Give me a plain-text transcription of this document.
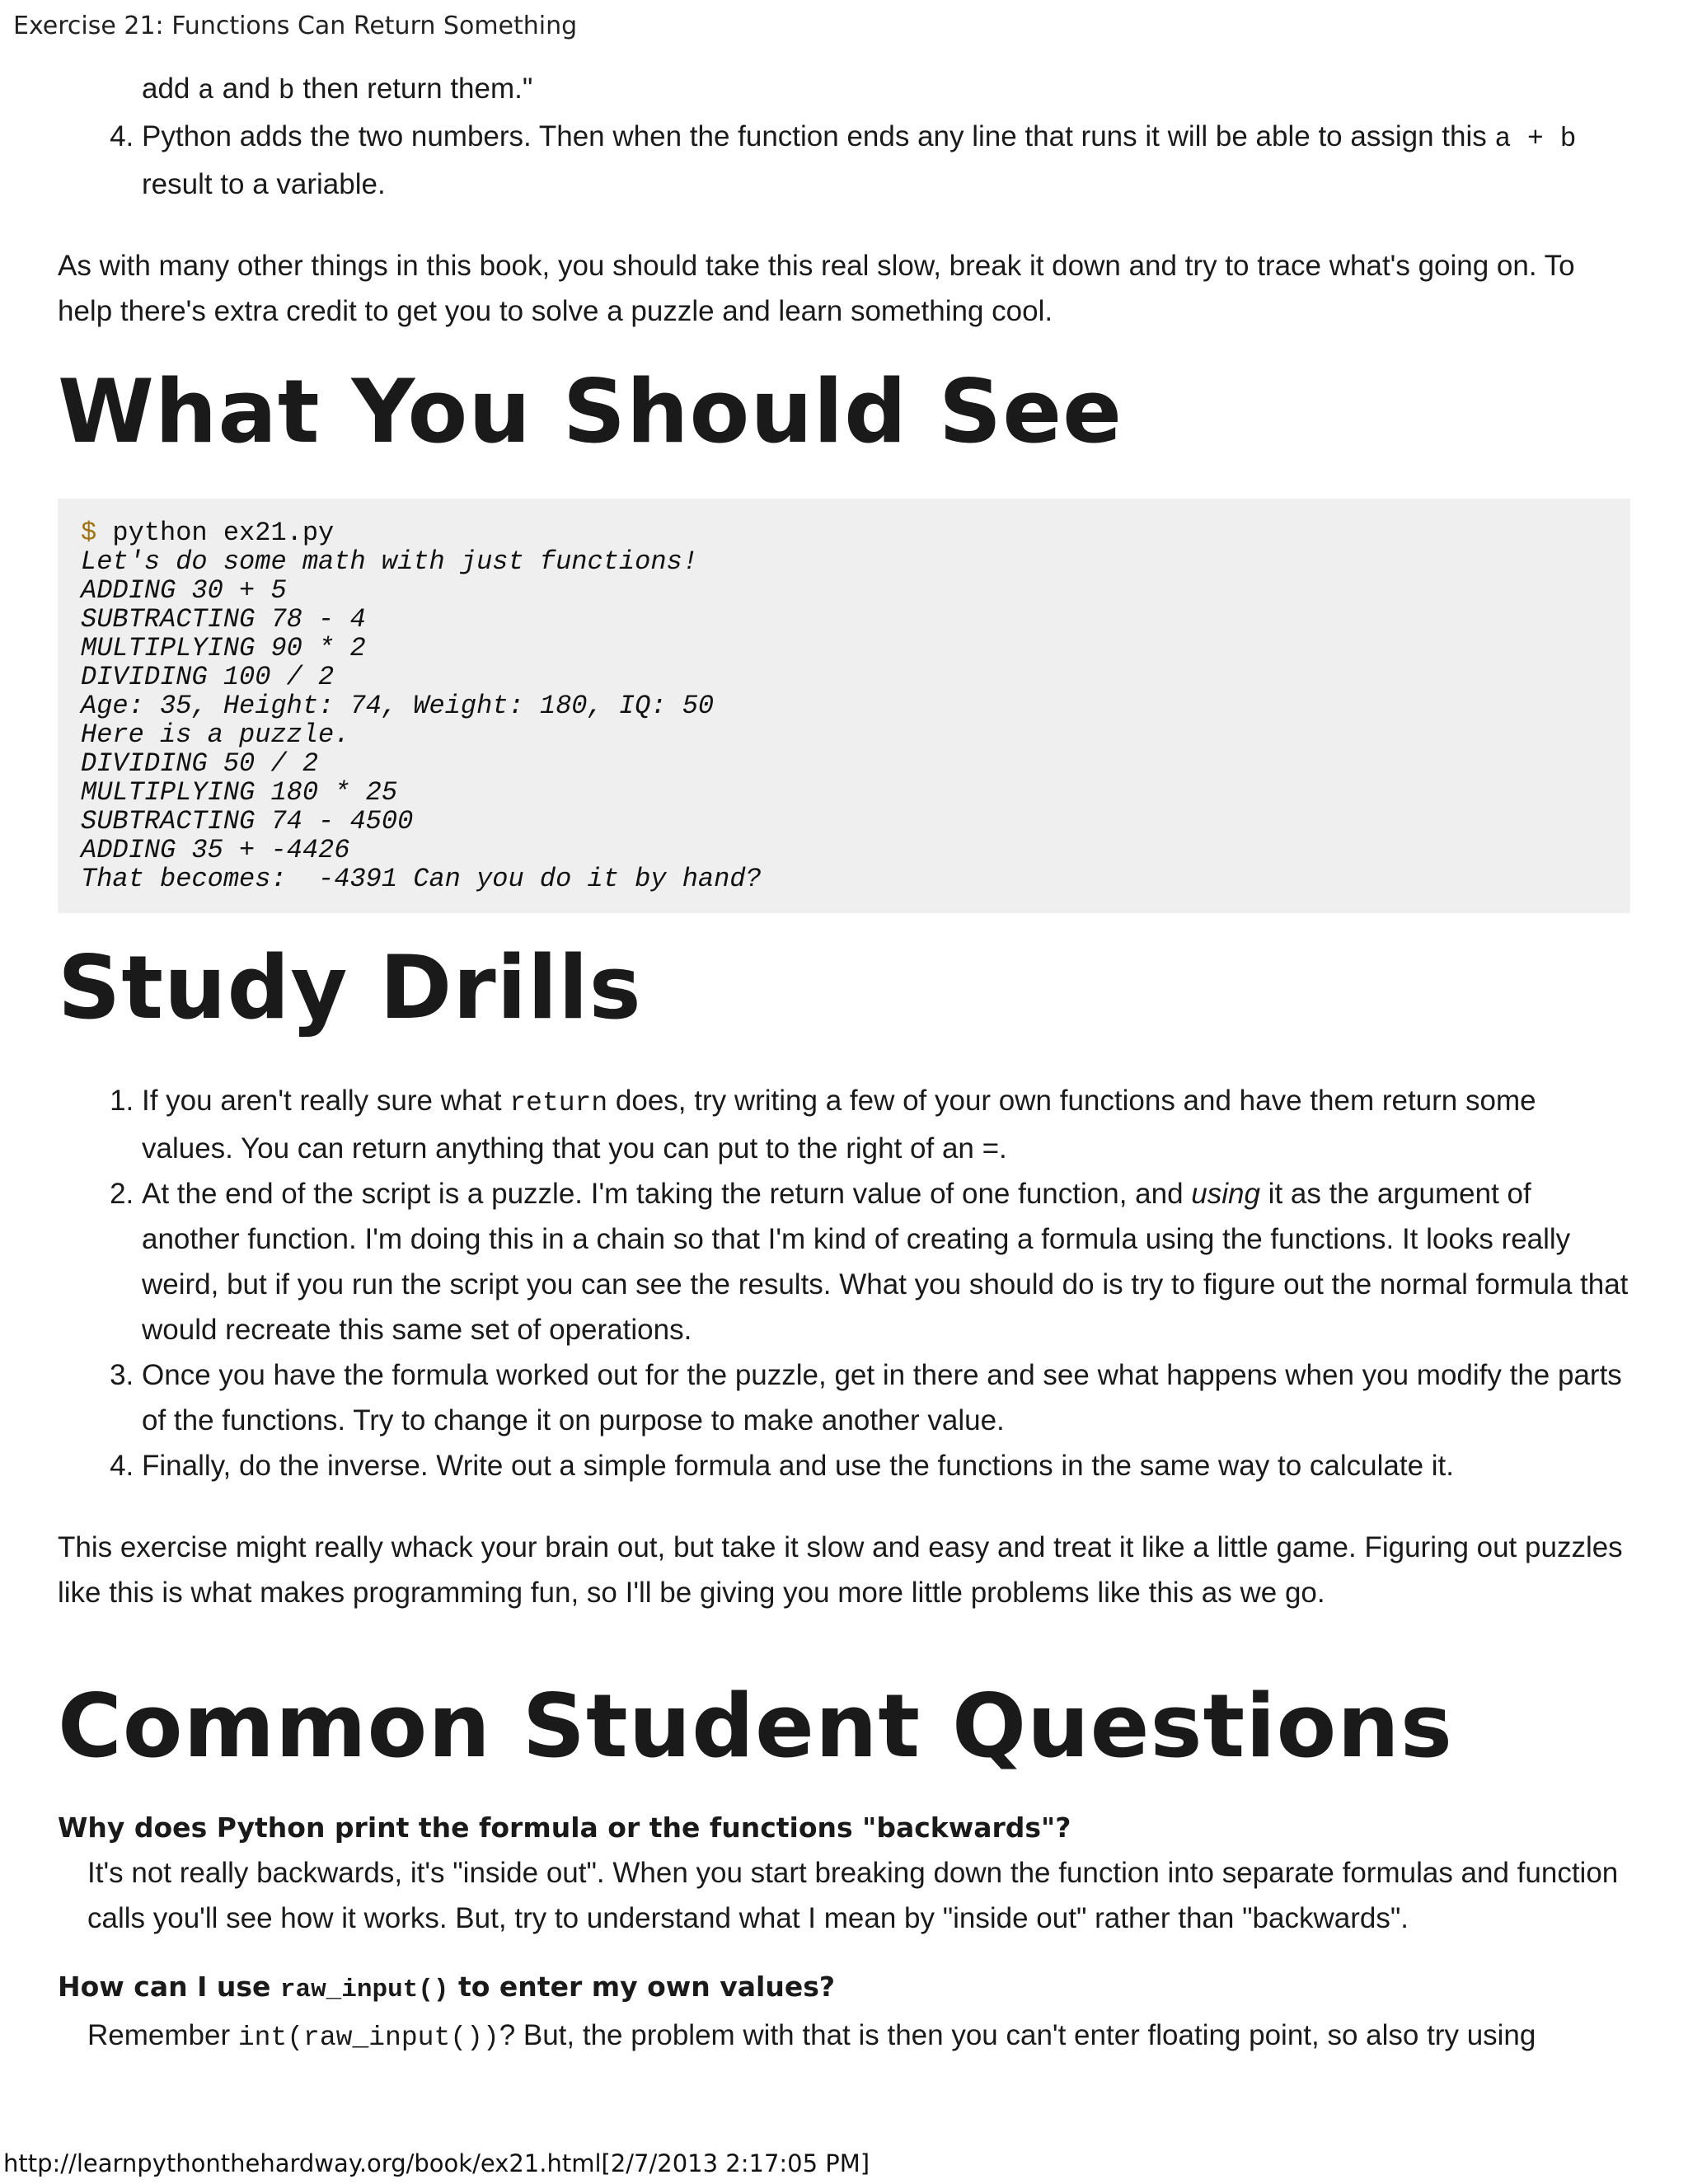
Exercise 21: Functions Can Return Something

add a and b then return them."

4. Python adds the two numbers. Then when the function ends any line that runs it will be able to assign this a + b result to a variable.

As with many other things in this book, you should take this real slow, break it down and try to trace what's going on. To help there's extra credit to get you to solve a puzzle and learn something cool.

What You Should See
$ python ex21.py
Let's do some math with just functions!
ADDING 30 + 5
SUBTRACTING 78 - 4
MULTIPLYING 90 * 2
DIVIDING 100 / 2
Age: 35, Height: 74, Weight: 180, IQ: 50
Here is a puzzle.
DIVIDING 50 / 2
MULTIPLYING 180 * 25
SUBTRACTING 74 - 4500
ADDING 35 + -4426
That becomes:  -4391 Can you do it by hand?
Study Drills
1. If you aren't really sure what return does, try writing a few of your own functions and have them return some values. You can return anything that you can put to the right of an =.
2. At the end of the script is a puzzle. I'm taking the return value of one function, and using it as the argument of another function. I'm doing this in a chain so that I'm kind of creating a formula using the functions. It looks really weird, but if you run the script you can see the results. What you should do is try to figure out the normal formula that would recreate this same set of operations.
3. Once you have the formula worked out for the puzzle, get in there and see what happens when you modify the parts of the functions. Try to change it on purpose to make another value.
4. Finally, do the inverse. Write out a simple formula and use the functions in the same way to calculate it.

This exercise might really whack your brain out, but take it slow and easy and treat it like a little game. Figuring out puzzles like this is what makes programming fun, so I'll be giving you more little problems like this as we go.

Common Student Questions
Why does Python print the formula or the functions "backwards"?
It's not really backwards, it's "inside out". When you start breaking down the function into separate formulas and function calls you'll see how it works. But, try to understand what I mean by "inside out" rather than "backwards".
How can I use raw_input() to enter my own values?
Remember int(raw_input())? But, the problem with that is then you can't enter floating point, so also try using
http://learnpythonthehardway.org/book/ex21.html[2/7/2013 2:17:05 PM]
